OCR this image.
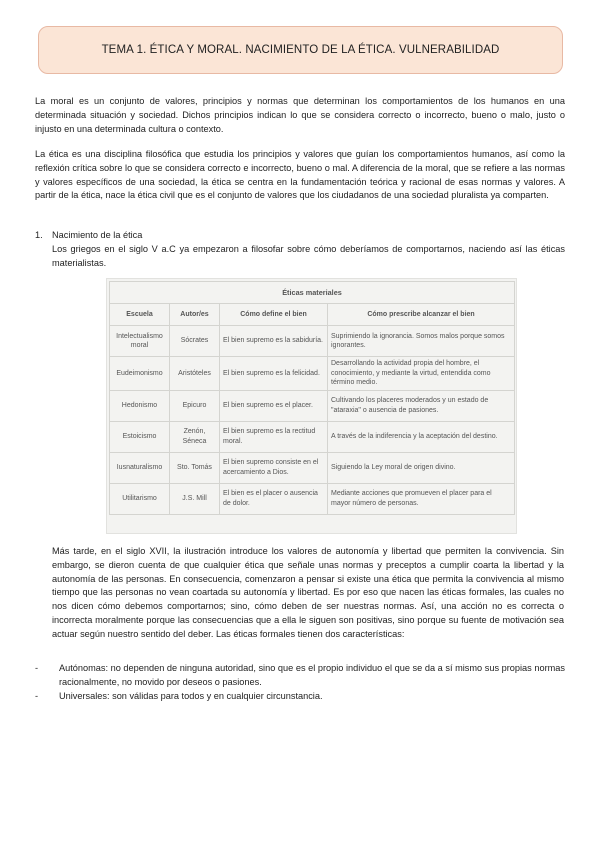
TEMA 1. ÉTICA Y MORAL. NACIMIENTO DE LA ÉTICA. VULNERABILIDAD

La moral es un conjunto de valores, principios y normas que determinan los comportamientos de los humanos en una determinada situación y sociedad. Dichos principios indican lo que se considera correcto o incorrecto, bueno o malo, justo o injusto en una determinada cultura o contexto.

La ética es una disciplina filosófica que estudia los principios y valores que guían los comportamientos humanos, así como la reflexión crítica sobre lo que se considera correcto e incorrecto, bueno o mal. A diferencia de la moral, que se refiere a las normas y valores específicos de una sociedad, la ética se centra en la fundamentación teórica y racional de esas normas y valores. A partir de la ética, nace la ética civil que es el conjunto de valores que los ciudadanos de una sociedad pluralista ya comparten.

1. Nacimiento de la ética

Los griegos en el siglo V a.C ya empezaron a filosofar sobre cómo deberíamos de comportarnos, naciendo así las éticas materialistas.

Éticas materiales			
Escuela	Autor/es	Cómo define el bien	Cómo prescribe alcanzar el bien
Intelectualismo moral	Sócrates	El bien supremo es la sabiduría.	Suprimiendo la ignorancia. Somos malos porque somos ignorantes.
Eudeimonismo	Aristóteles	El bien supremo es la felicidad.	Desarrollando la actividad propia del hombre, el conocimiento, y mediante la virtud, entendida como término medio.
Hedonismo	Epicuro	El bien supremo es el placer.	Cultivando los placeres moderados y un estado de "ataraxia" o ausencia de pasiones.
Estoicismo	Zenón, Séneca	El bien supremo es la rectitud moral.	A través de la indiferencia y la aceptación del destino.
Iusnaturalismo	Sto. Tomás	El bien supremo consiste en el acercamiento a Dios.	Siguiendo la Ley moral de origen divino.
Utilitarismo	J.S. Mill	El bien es el placer o ausencia de dolor.	Mediante acciones que promueven el placer para el mayor número de personas.

Más tarde, en el siglo XVII, la ilustración introduce los valores de autonomía y libertad que permiten la convivencia. Sin embargo, se dieron cuenta de que cualquier ética que señale unas normas y preceptos a cumplir coarta la libertad y la autonomía de las personas. En consecuencia, comenzaron a pensar si existe una ética que permita la convivencia al mismo tiempo que las personas no vean coartada su autonomía y libertad. Es por eso que nacen las éticas formales, las cuales no nos dicen cómo debemos comportarnos; sino, cómo deben de ser nuestras normas. Así, una acción no es correcta o incorrecta moralmente porque las consecuencias que a ella le siguen son positivas, sino porque su fuente de motivación sea actuar según nuestro sentido del deber. Las éticas formales tienen dos características:

- Autónomas: no dependen de ninguna autoridad, sino que es el propio individuo el que se da a sí mismo sus propias normas racionalmente, no movido por deseos o pasiones.
- Universales: son válidas para todos y en cualquier circunstancia.
